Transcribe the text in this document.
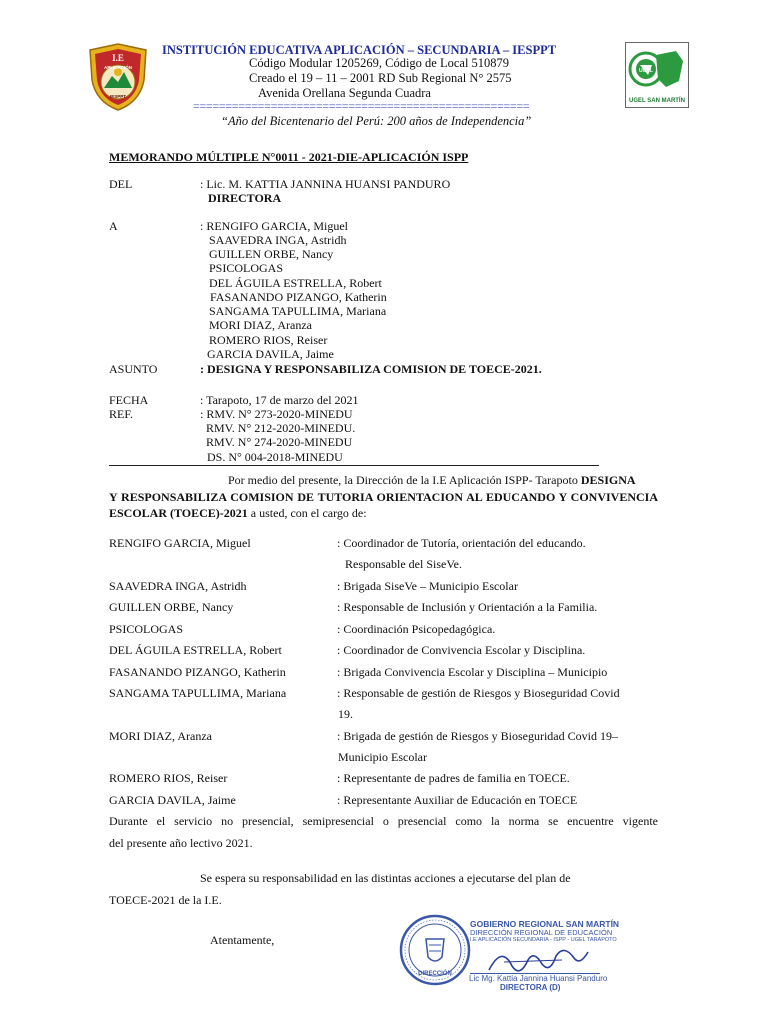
I.E
APLICACIÓN
IESPPT
INSTITUCIÓN EDUCATIVA APLICACIÓN – SECUNDARIA – IESPPT
Código Modular 1205269, Código de Local 510879
Creado el 19 – 11 – 2001 RD Sub Regional N° 2575
Avenida Orellana Segunda Cuadra
====================================================
“Año del Bicentenario del Perú: 200 años de Independencia”
UGEL
UGEL SAN MARTÍN
MEMORANDO MÚLTIPLE N°0011 - 2021-DIE-APLICACIÓN ISPP
DEL	: Lic. M. KATTIA JANNINA HUANSI PANDURO
DIRECTORA
A	: RENGIFO GARCIA, Miguel
SAAVEDRA INGA, Astridh
GUILLEN ORBE, Nancy
PSICOLOGAS
DEL ÁGUILA ESTRELLA, Robert
FASANANDO PIZANGO, Katherin
SANGAMA TAPULLIMA, Mariana
MORI DIAZ, Aranza
ROMERO RIOS, Reiser
GARCIA DAVILA, Jaime
ASUNTO	: DESIGNA Y RESPONSABILIZA COMISION DE TOECE-2021.
FECHA	: Tarapoto, 17 de marzo del 2021
REF.	: RMV. N° 273-2020-MINEDU
RMV. N° 212-2020-MINEDU.
RMV. N° 274-2020-MINEDU
DS. N° 004-2018-MINEDU
Por medio del presente, la Dirección de la I.E Aplicación ISPP- Tarapoto DESIGNA
Y RESPONSABILIZA COMISION DE TUTORIA ORIENTACION AL EDUCANDO Y CONVIVENCIA
ESCOLAR (TOECE)-2021 a usted, con el cargo de:
RENGIFO GARCIA, Miguel	: Coordinador de Tutoría, orientación del educando.
Responsable del SiseVe.
SAAVEDRA INGA, Astridh	: Brigada SiseVe – Municipio Escolar
GUILLEN ORBE, Nancy	: Responsable de Inclusión y Orientación a la Familia.
PSICOLOGAS	: Coordinación Psicopedagógica.
DEL ÁGUILA ESTRELLA, Robert	: Coordinador de Convivencia Escolar y Disciplina.
FASANANDO PIZANGO, Katherin	: Brigada Convivencia Escolar y Disciplina – Municipio
SANGAMA TAPULLIMA, Mariana	: Responsable de gestión de Riesgos y Bioseguridad Covid
19.
MORI DIAZ, Aranza	: Brigada de gestión de Riesgos y Bioseguridad Covid 19–
Municipio Escolar
ROMERO RIOS, Reiser	: Representante de padres de familia en TOECE.
GARCIA DAVILA, Jaime	: Representante Auxiliar de Educación en TOECE
Durante el servicio no presencial, semipresencial o presencial como la norma se encuentre vigente
del presente año lectivo 2021.
Se espera su responsabilidad en las distintas acciones a ejecutarse del plan de
TOECE-2021 de la I.E.
Atentamente,
DIRECCIÓN
GOBIERNO REGIONAL SAN MARTÍN
DIRECCIÓN REGIONAL DE EDUCACIÓN
I.E APLICACIÓN SECUNDARIA - ISPP - UGEL TARAPOTO
Lic Mg. Kattia Jannina Huansi Panduro
DIRECTORA (D)
